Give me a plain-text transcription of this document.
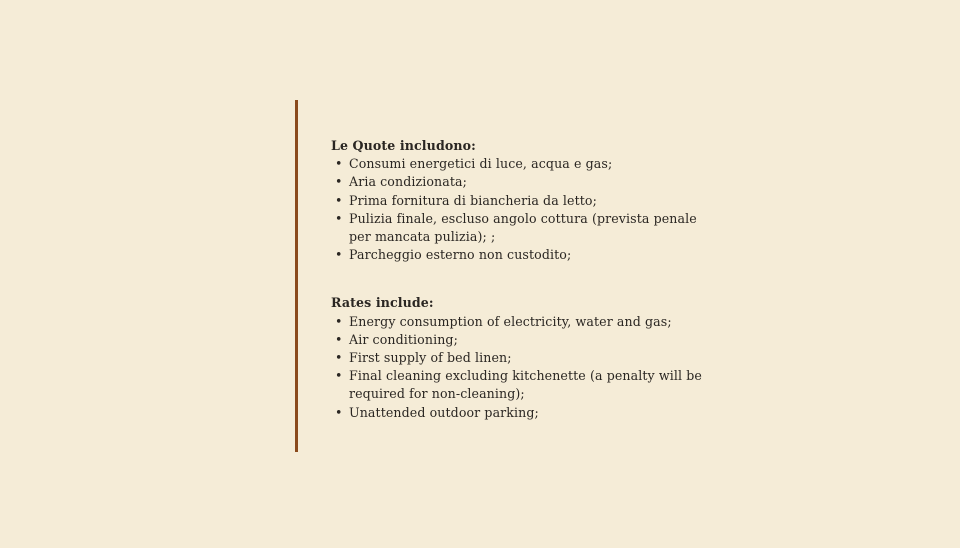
Le Quote includono:

• Consumi energetici di luce, acqua e gas;
• Aria condizionata;
• Prima fornitura di biancheria da letto;
• Pulizia finale, escluso angolo cottura (prevista penale per mancata pulizia); ;
• Parcheggio esterno non custodito;

Rates include:

• Energy consumption of electricity, water and gas;
• Air conditioning;
• First supply of bed linen;
• Final cleaning excluding kitchenette (a penalty will be required for non-cleaning);
• Unattended outdoor parking;
